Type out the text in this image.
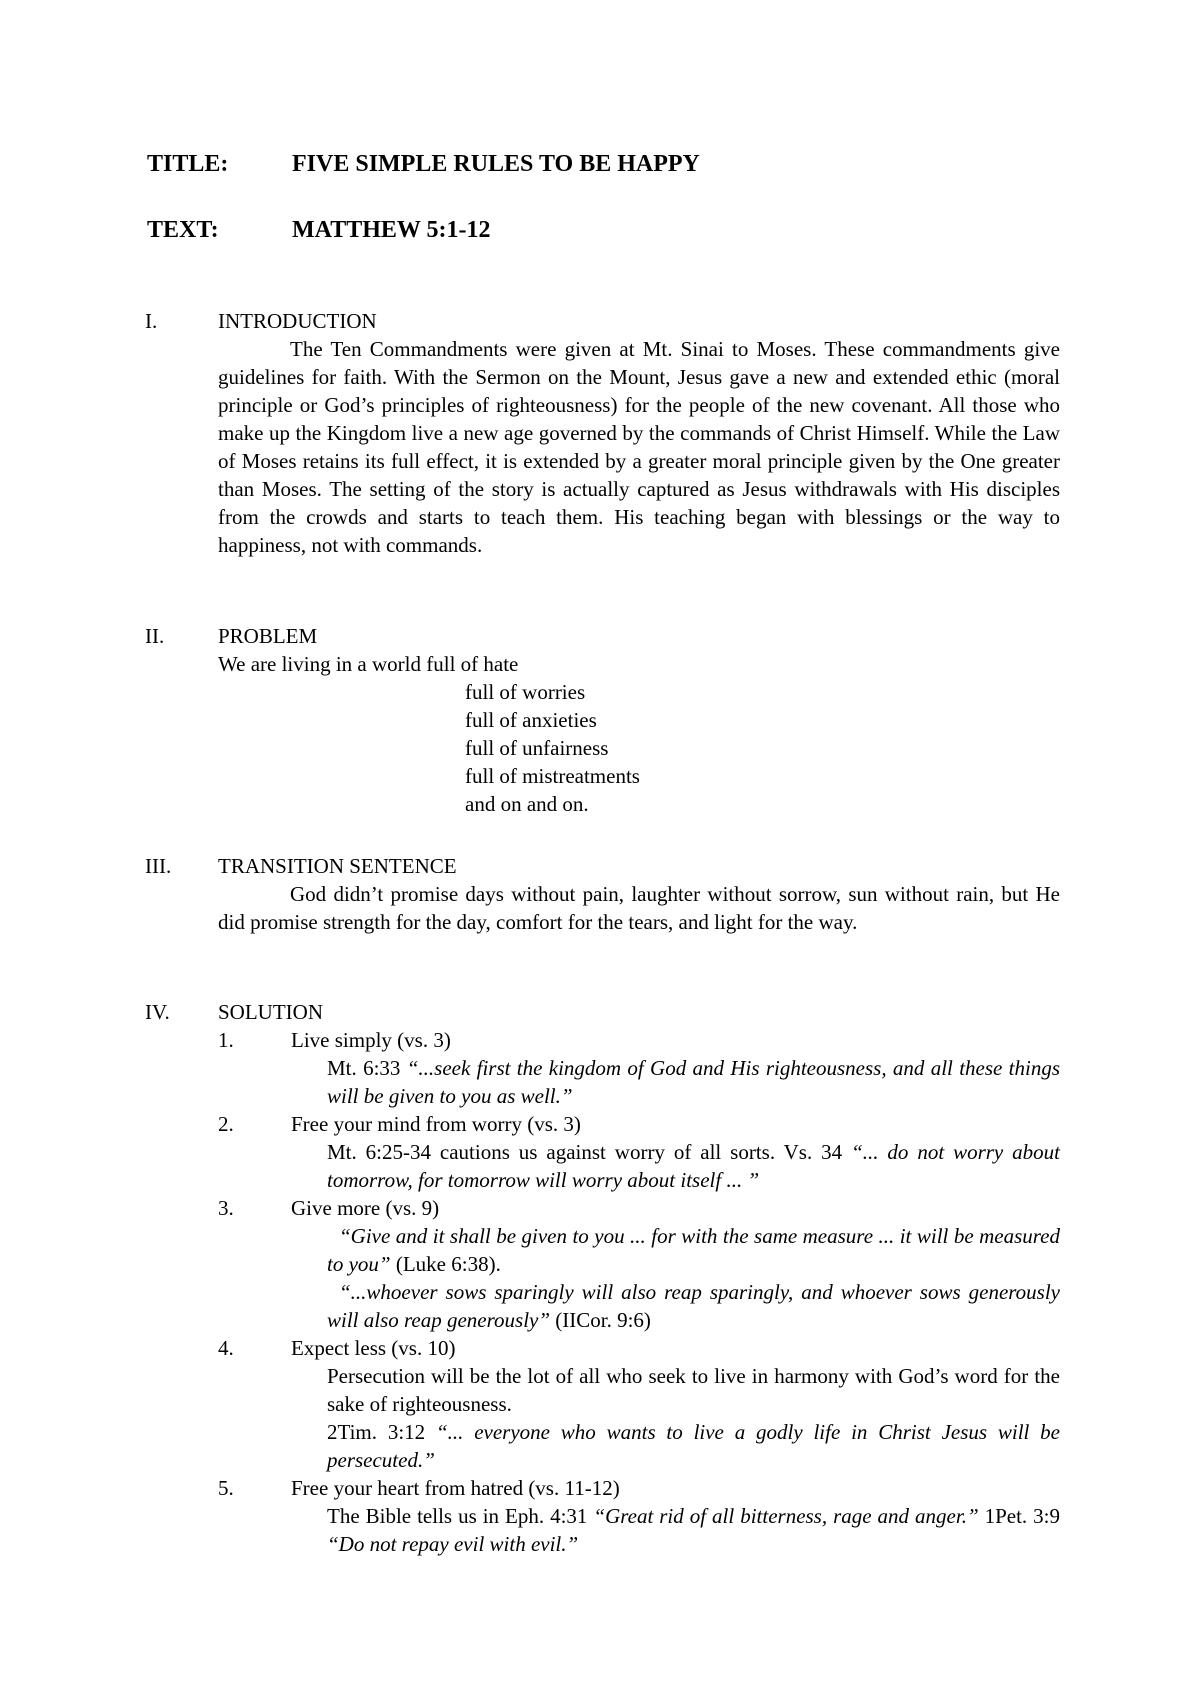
TITLE:	FIVE SIMPLE RULES TO BE HAPPY
TEXT:	MATTHEW 5:1-12
I.	INTRODUCTION
The Ten Commandments were given at Mt. Sinai to Moses. These commandments give guidelines for faith. With the Sermon on the Mount, Jesus gave a new and extended ethic (moral principle or God’s principles of righteousness) for the people of the new covenant. All those who make up the Kingdom live a new age governed by the commands of Christ Himself. While the Law of Moses retains its full effect, it is extended by a greater moral principle given by the One greater than Moses. The setting of the story is actually captured as Jesus withdrawals with His disciples from the crowds and starts to teach them. His teaching began with blessings or the way to happiness, not with commands.
II.	PROBLEM
We are living in a world full of hate
full of worries
full of anxieties
full of unfairness
full of mistreatments
and on and on.
III. TRANSITION SENTENCE
God didn’t promise days without pain, laughter without sorrow, sun without rain, but He did promise strength for the day, comfort for the tears, and light for the way.
IV. SOLUTION
1.	Live simply (vs. 3)
Mt. 6:33 “...seek first the kingdom of God and His righteousness, and all these things will be given to you as well.”
2.	Free your mind from worry (vs. 3)
Mt. 6:25-34 cautions us against worry of all sorts. Vs. 34 “... do not worry about tomorrow, for tomorrow will worry about itself ... ”
3.	Give more (vs. 9)
“Give and it shall be given to you ... for with the same measure ... it will be measured to you” (Luke 6:38).
“...whoever sows sparingly will also reap sparingly, and whoever sows generously will also reap generously” (IICor. 9:6)
4.	Expect less (vs. 10)
Persecution will be the lot of all who seek to live in harmony with God’s word for the sake of righteousness.
2Tim. 3:12 “... everyone who wants to live a godly life in Christ Jesus will be persecuted.”
5.	Free your heart from hatred (vs. 11-12)
The Bible tells us in Eph. 4:31 “Great rid of all bitterness, rage and anger.” 1Pet. 3:9 “Do not repay evil with evil.”
